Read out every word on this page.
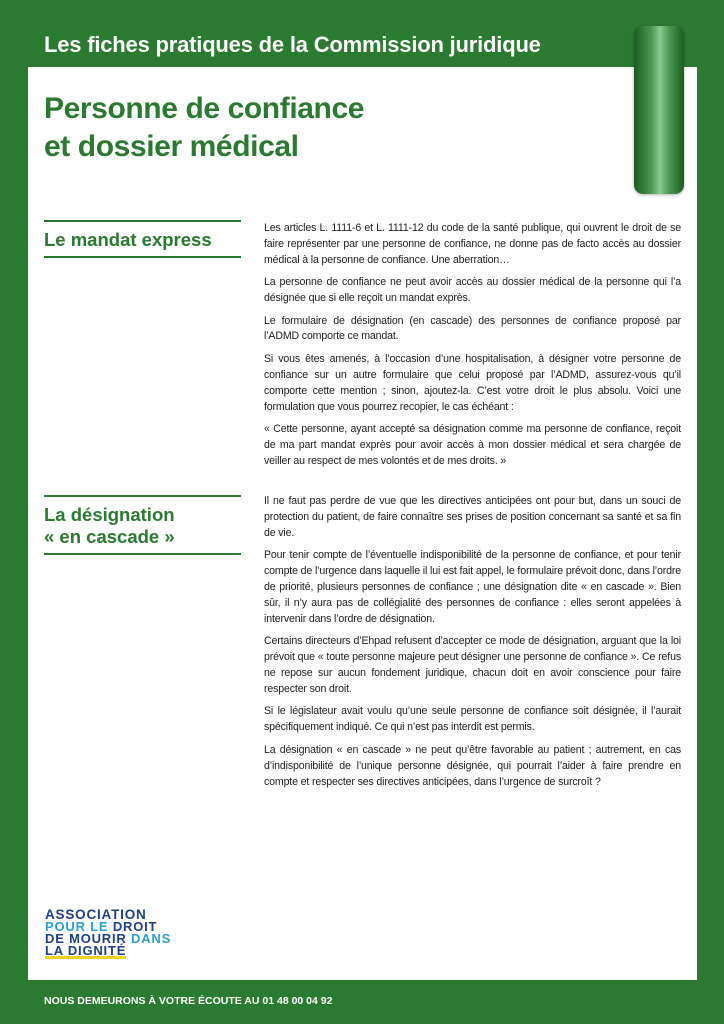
Les fiches pratiques de la Commission juridique
Personne de confiance
et dossier médical
Le mandat express

Les articles L. 1111-6 et L. 1111-12 du code de la santé publique, qui ouvrent le droit de se faire représenter par une personne de confiance, ne donne pas de facto accès au dossier médical à la personne de confiance. Une aberration…

La personne de confiance ne peut avoir accès au dossier médical de la personne qui l’a désignée que si elle reçoit un mandat exprès.

Le formulaire de désignation (en cascade) des personnes de confiance proposé par l’ADMD comporte ce mandat.

Si vous êtes amenés, à l’occasion d’une hospitalisation, à désigner votre personne de confiance sur un autre formulaire que celui proposé par l’ADMD, assurez-vous qu’il comporte cette mention ; sinon, ajoutez-la. C’est votre droit le plus absolu. Voici une formulation que vous pourrez recopier, le cas échéant :

« Cette personne, ayant accepté sa désignation comme ma personne de confiance, reçoit de ma part mandat exprès pour avoir accès à mon dossier médical et sera chargée de veiller au respect de mes volontés et de mes droits. »

La désignation
« en cascade »

Il ne faut pas perdre de vue que les directives anticipées ont pour but, dans un souci de protection du patient, de faire connaître ses prises de position concernant sa santé et sa fin de vie.

Pour tenir compte de l’éventuelle indisponibilité de la personne de confiance, et pour tenir compte de l’urgence dans laquelle il lui est fait appel, le formulaire prévoit donc, dans l’ordre de priorité, plusieurs personnes de confiance ; une désignation dite « en cascade ». Bien sûr, il n’y aura pas de collégialité des personnes de confiance : elles seront appelées à intervenir dans l’ordre de désignation.

Certains directeurs d’Ehpad refusent d’accepter ce mode de désignation, arguant que la loi prévoit que « toute personne majeure peut désigner une personne de confiance ». Ce refus ne repose sur aucun fondement juridique, chacun doit en avoir conscience pour faire respecter son droit.

Si le législateur avait voulu qu’une seule personne de confiance soit désignée, il l’aurait spécifiquement indiqué. Ce qui n’est pas interdit est permis.

La désignation « en cascade » ne peut qu’être favorable au patient ; autrement, en cas d’indisponibilité de l’unique personne désignée, qui pourrait l’aider à faire prendre en compte et respecter ses directives anticipées, dans l’urgence de surcroît ?

ASSOCIATION
POUR LE DROIT
DE MOURIR DANS
LA DIGNITÉ
NOUS DEMEURONS À VOTRE ÉCOUTE AU 01 48 00 04 92
